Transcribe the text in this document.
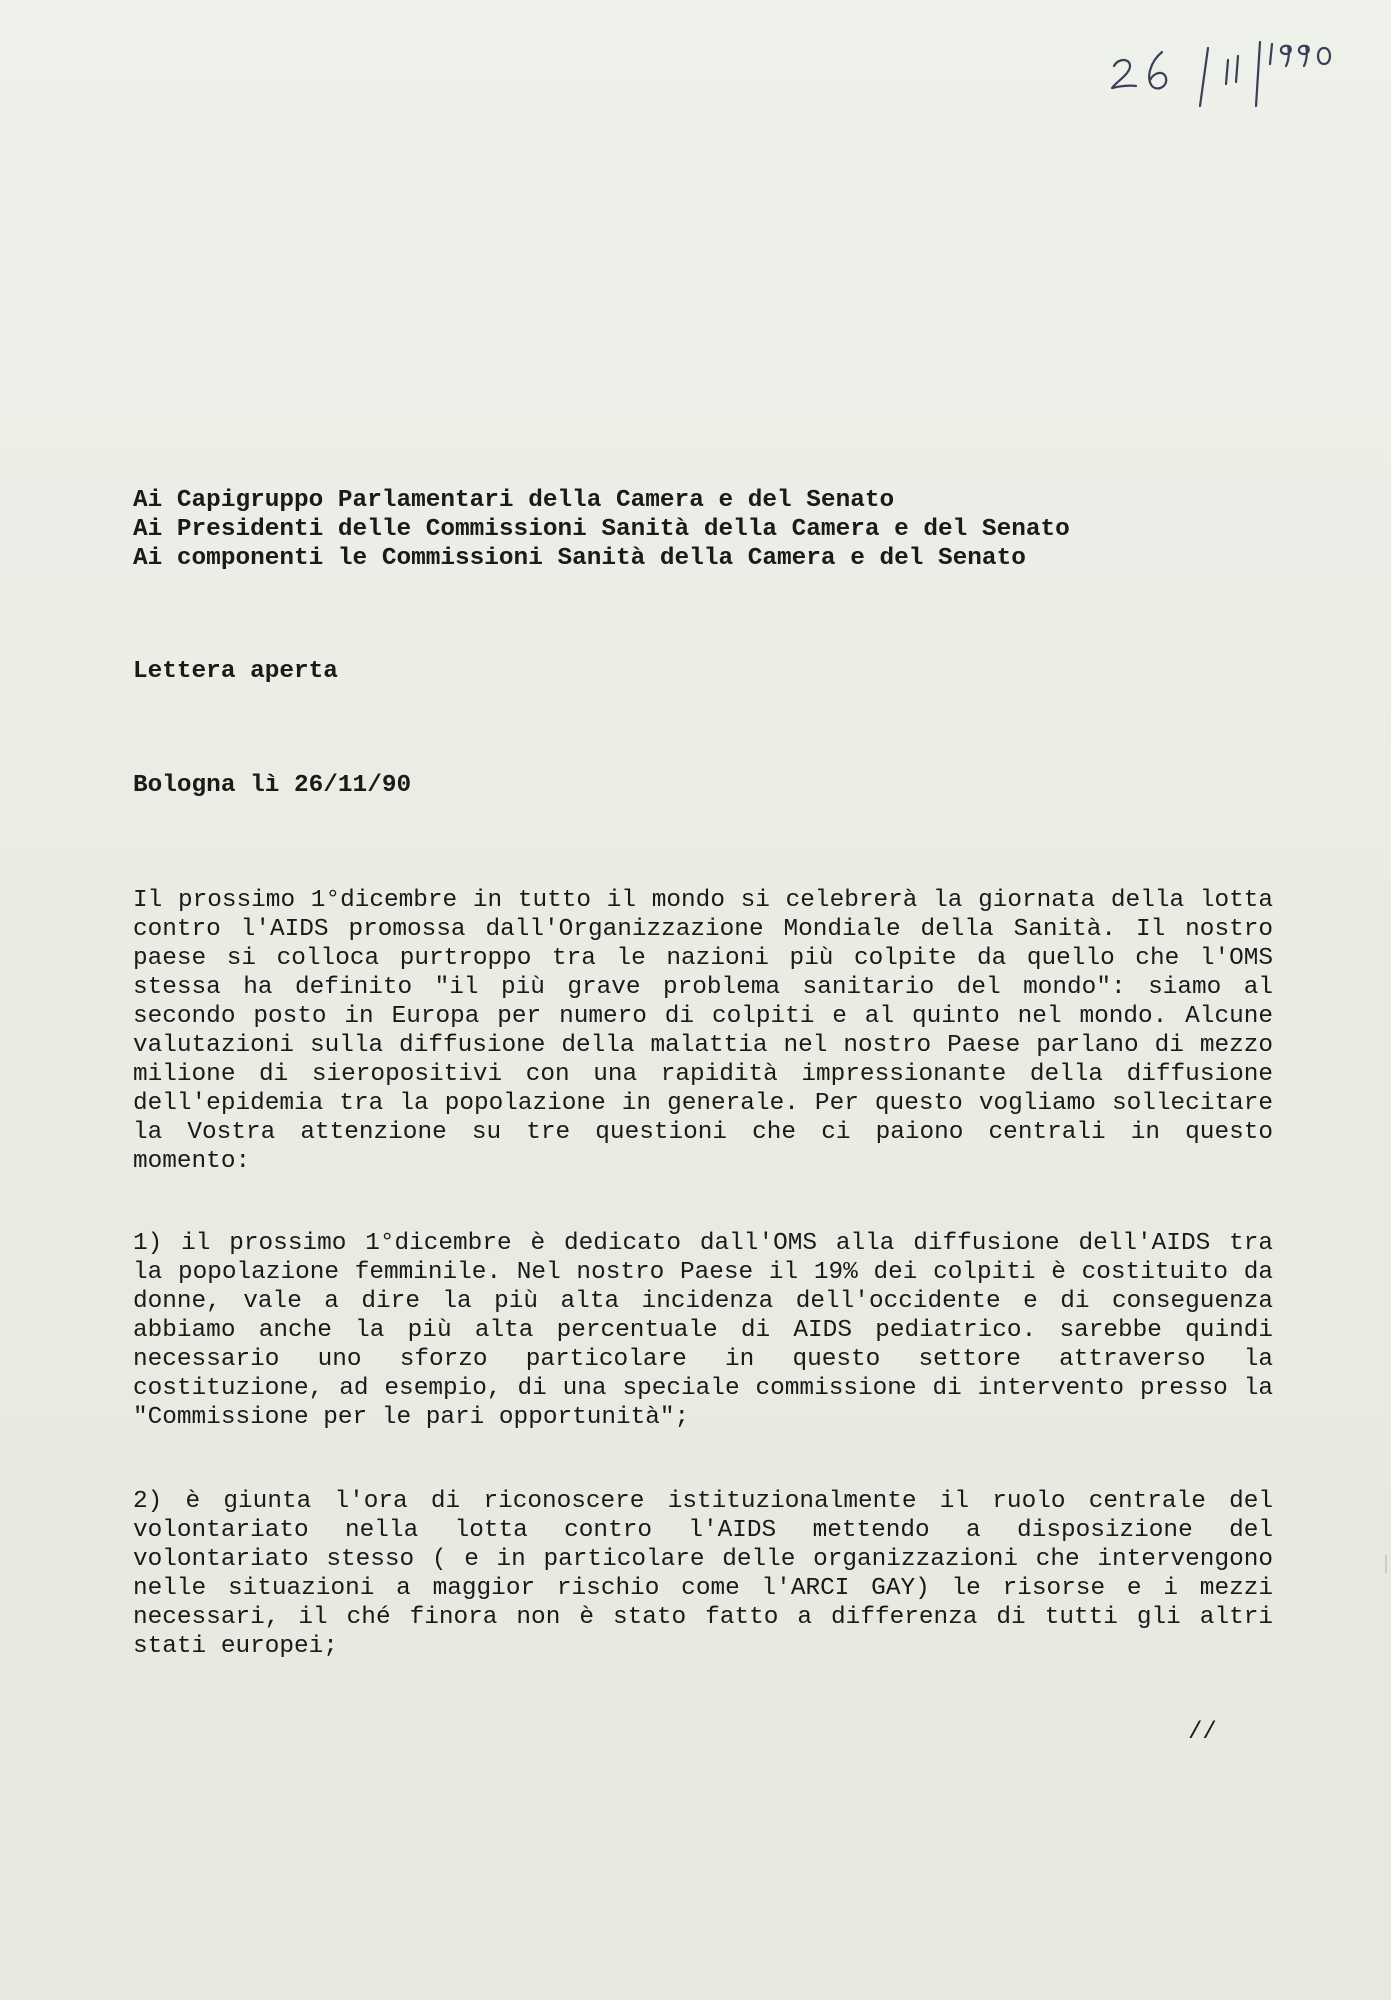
Ai Capigruppo Parlamentari della Camera e del Senato
Ai Presidenti delle Commissioni Sanità della Camera e del Senato
Ai componenti le Commissioni Sanità della Camera e del Senato
Lettera aperta
Bologna lì 26/11/90
Il prossimo 1°dicembre in tutto il mondo si celebrerà la giornata della lotta contro l'AIDS promossa dall'Organizzazione Mondiale della Sanità. Il nostro paese si colloca purtroppo tra le nazioni più colpite da quello che l'OMS stessa ha definito "il più grave problema sanitario del mondo": siamo al secondo posto in Europa per numero di colpiti e al quinto nel mondo. Alcune valutazioni sulla diffusione della malattia nel nostro Paese parlano di mezzo milione di sieropositivi con una rapidità impressionante della diffusione dell'epidemia tra la popolazione in generale. Per questo vogliamo sollecitare la Vostra attenzione su tre questioni che ci paiono centrali in questo momento:
1) il prossimo 1°dicembre è dedicato dall'OMS alla diffusione dell'AIDS tra la popolazione femminile. Nel nostro Paese il 19% dei colpiti è costituito da donne, vale a dire la più alta incidenza dell'occidente e di conseguenza abbiamo anche la più alta percentuale di AIDS pediatrico. sarebbe quindi necessario uno sforzo particolare in questo settore attraverso la costituzione, ad esempio, di una speciale commissione di intervento presso la "Commissione per le pari opportunità";
2) è giunta l'ora di riconoscere istituzionalmente il ruolo centrale del volontariato nella lotta contro l'AIDS mettendo a disposizione del volontariato stesso ( e in particolare delle organizzazioni che intervengono nelle situazioni a maggior rischio come l'ARCI GAY) le risorse e i mezzi necessari, il ché finora non è stato fatto a differenza di tutti gli altri stati europei;
//
